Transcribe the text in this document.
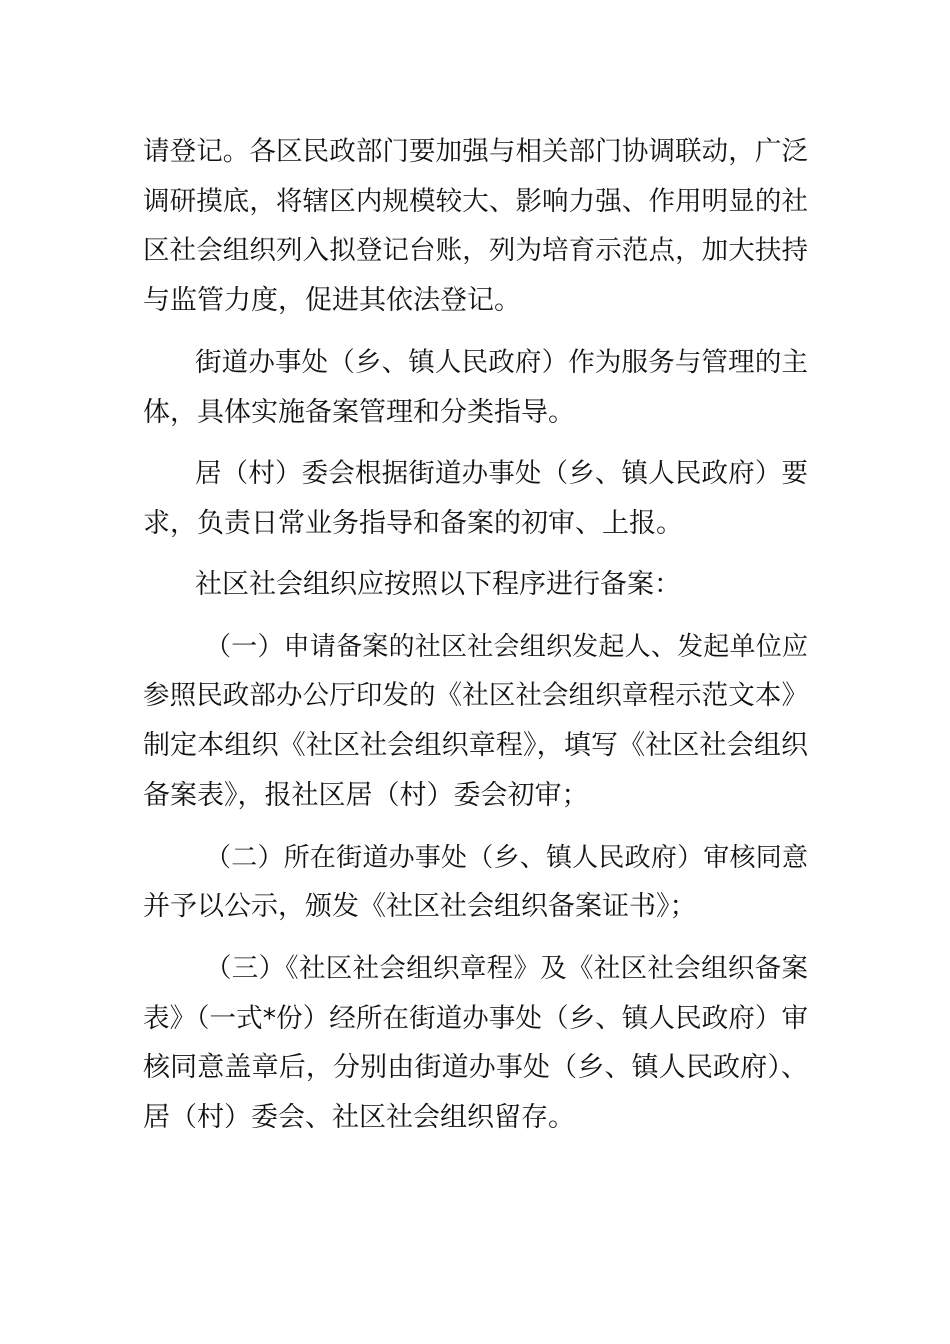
请登记。各区民政部门要加强与相关部门协调联动，广泛
调研摸底，将辖区内规模较大、影响力强、作用明显的社
区社会组织列入拟登记台账，列为培育示范点，加大扶持
与监管力度，促进其依法登记。
街道办事处（乡、镇人民政府）作为服务与管理的主
体，具体实施备案管理和分类指导。
居（村）委会根据街道办事处（乡、镇人民政府）要
求，负责日常业务指导和备案的初审、上报。
社区社会组织应按照以下程序进行备案：
（一）申请备案的社区社会组织发起人、发起单位应
参照民政部办公厅印发的《社区社会组织章程示范文本》
制定本组织《社区社会组织章程》，填写《社区社会组织
备案表》，报社区居（村）委会初审；
（二）所在街道办事处（乡、镇人民政府）审核同意
并予以公示，颁发《社区社会组织备案证书》；
（三）《社区社会组织章程》及《社区社会组织备案
表》（一式*份）经所在街道办事处（乡、镇人民政府）审
核同意盖章后，分别由街道办事处（乡、镇人民政府）、
居（村）委会、社区社会组织留存。
